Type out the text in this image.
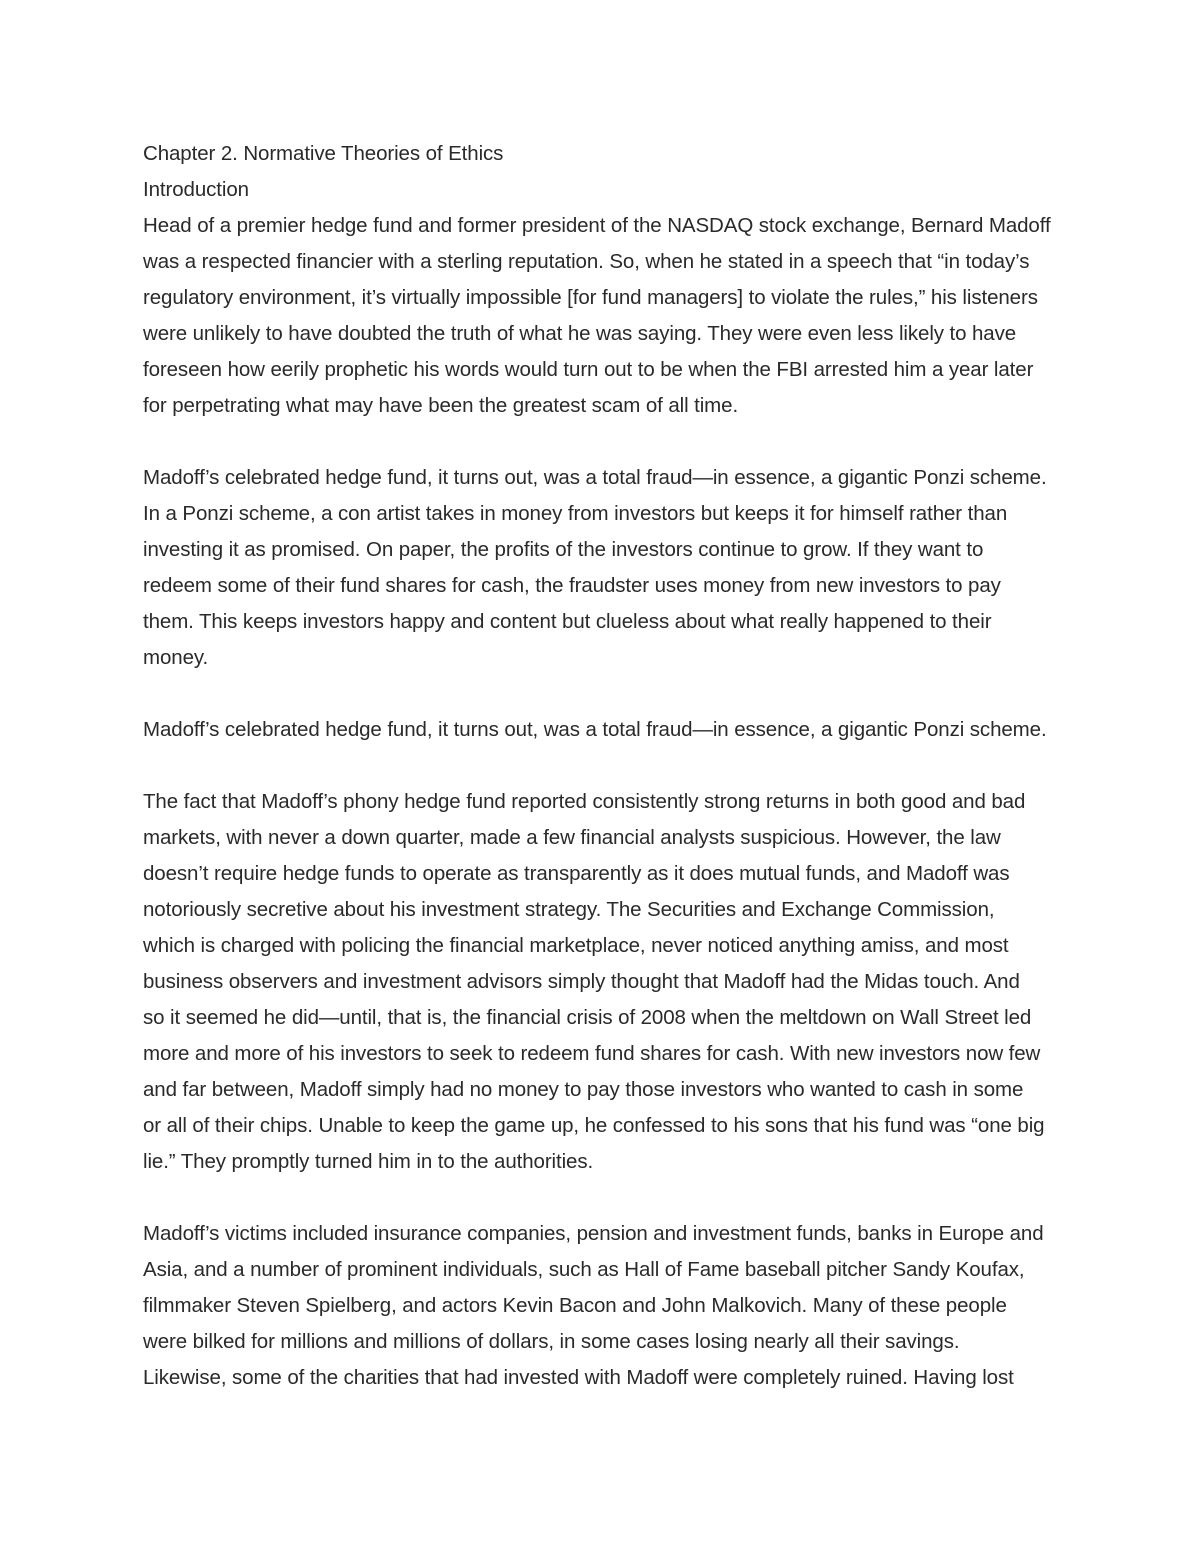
Chapter 2. Normative Theories of Ethics
Introduction
Head of a premier hedge fund and former president of the NASDAQ stock exchange, Bernard Madoff
was a respected financier with a sterling reputation. So, when he stated in a speech that “in today’s
regulatory environment, it’s virtually impossible [for fund managers] to violate the rules,” his listeners
were unlikely to have doubted the truth of what he was saying. They were even less likely to have
foreseen how eerily prophetic his words would turn out to be when the FBI arrested him a year later
for perpetrating what may have been the greatest scam of all time.
Madoff’s celebrated hedge fund, it turns out, was a total fraud—in essence, a gigantic Ponzi scheme.
In a Ponzi scheme, a con artist takes in money from investors but keeps it for himself rather than
investing it as promised. On paper, the profits of the investors continue to grow. If they want to
redeem some of their fund shares for cash, the fraudster uses money from new investors to pay
them. This keeps investors happy and content but clueless about what really happened to their
money.
Madoff’s celebrated hedge fund, it turns out, was a total fraud—in essence, a gigantic Ponzi scheme.
The fact that Madoff’s phony hedge fund reported consistently strong returns in both good and bad
markets, with never a down quarter, made a few financial analysts suspicious. However, the law
doesn’t require hedge funds to operate as transparently as it does mutual funds, and Madoff was
notoriously secretive about his investment strategy. The Securities and Exchange Commission,
which is charged with policing the financial marketplace, never noticed anything amiss, and most
business observers and investment advisors simply thought that Madoff had the Midas touch. And
so it seemed he did—until, that is, the financial crisis of 2008 when the meltdown on Wall Street led
more and more of his investors to seek to redeem fund shares for cash. With new investors now few
and far between, Madoff simply had no money to pay those investors who wanted to cash in some
or all of their chips. Unable to keep the game up, he confessed to his sons that his fund was “one big
lie.” They promptly turned him in to the authorities.
Madoff’s victims included insurance companies, pension and investment funds, banks in Europe and
Asia, and a number of prominent individuals, such as Hall of Fame baseball pitcher Sandy Koufax,
filmmaker Steven Spielberg, and actors Kevin Bacon and John Malkovich. Many of these people
were bilked for millions and millions of dollars, in some cases losing nearly all their savings.
Likewise, some of the charities that had invested with Madoff were completely ruined. Having lost
